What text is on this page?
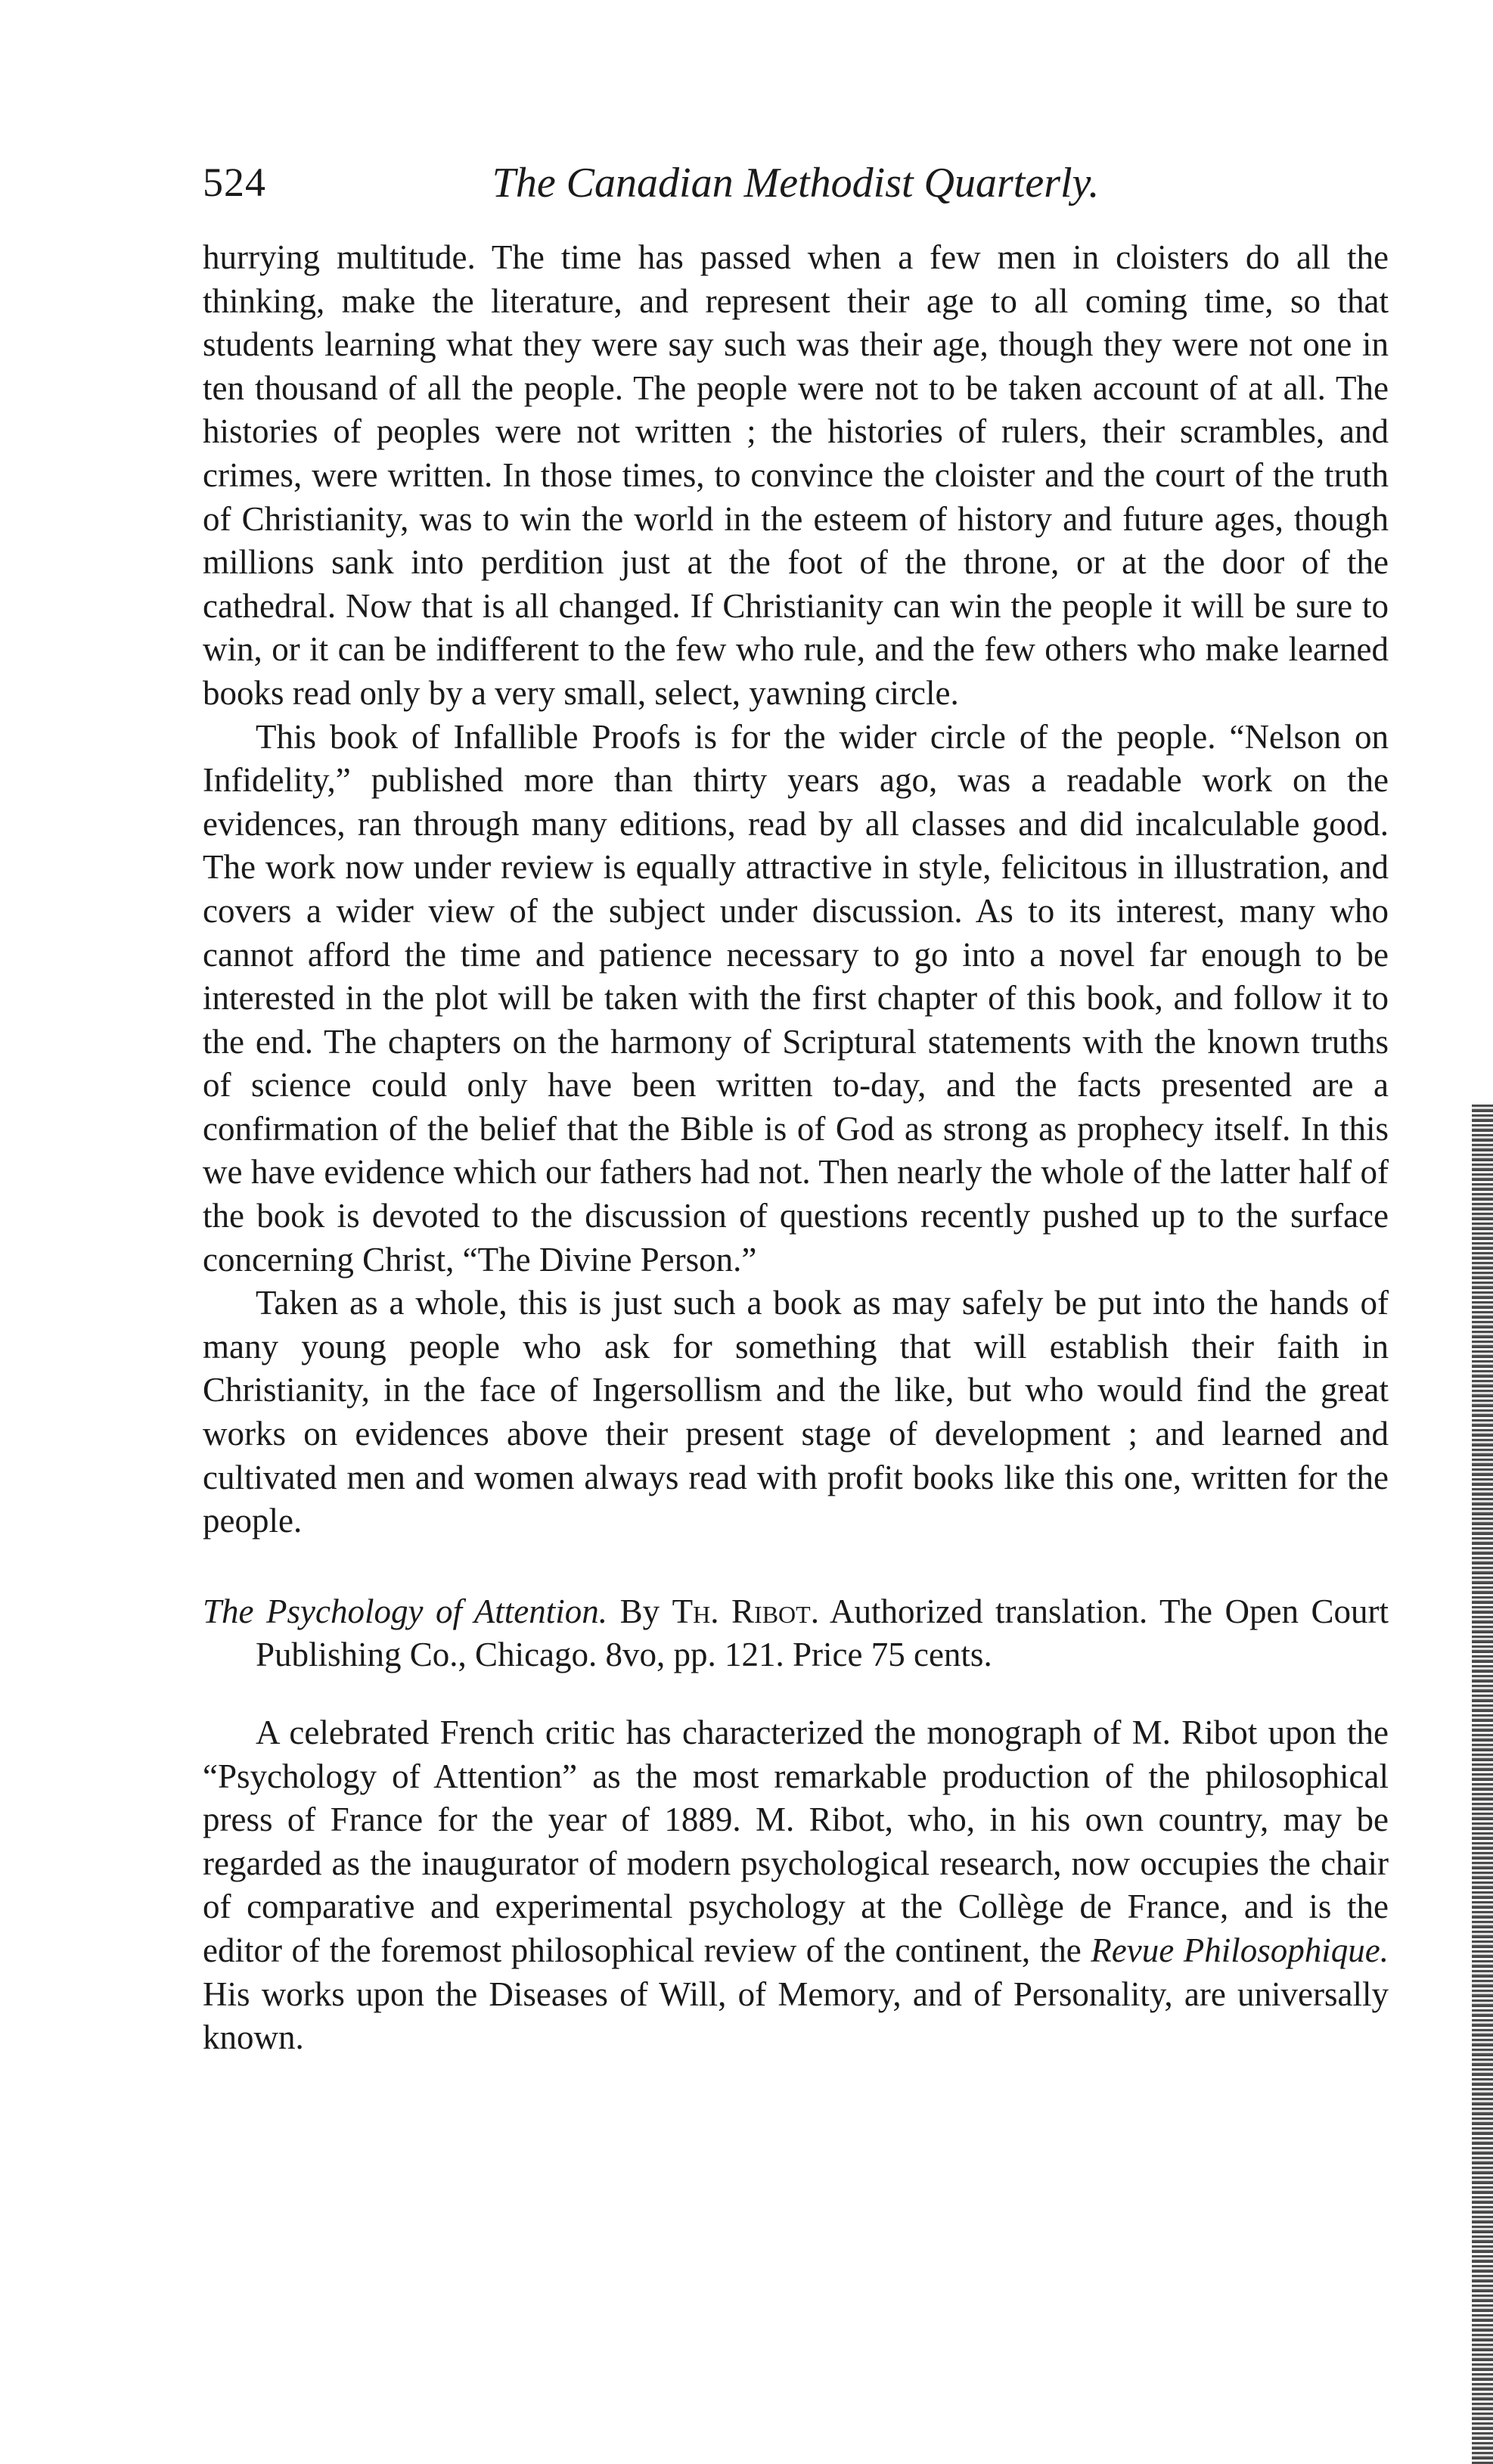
524	The Canadian Methodist Quarterly.

hurrying multitude. The time has passed when a few men in cloisters do all the thinking, make the literature, and represent their age to all coming time, so that students learning what they were say such was their age, though they were not one in ten thousand of all the people. The people were not to be taken account of at all. The histories of peoples were not written ; the histories of rulers, their scrambles, and crimes, were written. In those times, to convince the cloister and the court of the truth of Christianity, was to win the world in the esteem of history and future ages, though millions sank into perdition just at the foot of the throne, or at the door of the cathedral. Now that is all changed. If Christianity can win the people it will be sure to win, or it can be indifferent to the few who rule, and the few others who make learned books read only by a very small, select, yawning circle.

This book of Infallible Proofs is for the wider circle of the people. “Nelson on Infidelity,” published more than thirty years ago, was a readable work on the evidences, ran through many editions, read by all classes and did incalculable good. The work now under review is equally attractive in style, felicitous in illustration, and covers a wider view of the subject under discussion. As to its interest, many who cannot afford the time and patience necessary to go into a novel far enough to be interested in the plot will be taken with the first chapter of this book, and follow it to the end. The chapters on the harmony of Scriptural statements with the known truths of science could only have been written to-day, and the facts presented are a confirmation of the belief that the Bible is of God as strong as prophecy itself. In this we have evidence which our fathers had not. Then nearly the whole of the latter half of the book is devoted to the discussion of questions recently pushed up to the surface concerning Christ, “The Divine Person.”

Taken as a whole, this is just such a book as may safely be put into the hands of many young people who ask for something that will establish their faith in Christianity, in the face of Ingersollism and the like, but who would find the great works on evidences above their present stage of development ; and learned and cultivated men and women always read with profit books like this one, written for the people.

The Psychology of Attention. By Th. Ribot. Authorized translation. The Open Court Publishing Co., Chicago. 8vo, pp. 121. Price 75 cents.

A celebrated French critic has characterized the monograph of M. Ribot upon the “Psychology of Attention” as the most remarkable production of the philosophical press of France for the year of 1889. M. Ribot, who, in his own country, may be regarded as the inaugurator of modern psychological research, now occupies the chair of comparative and experimental psychology at the Collège de France, and is the editor of the foremost philosophical review of the continent, the Revue Philosophique. His works upon the Diseases of Will, of Memory, and of Personality, are universally known.
